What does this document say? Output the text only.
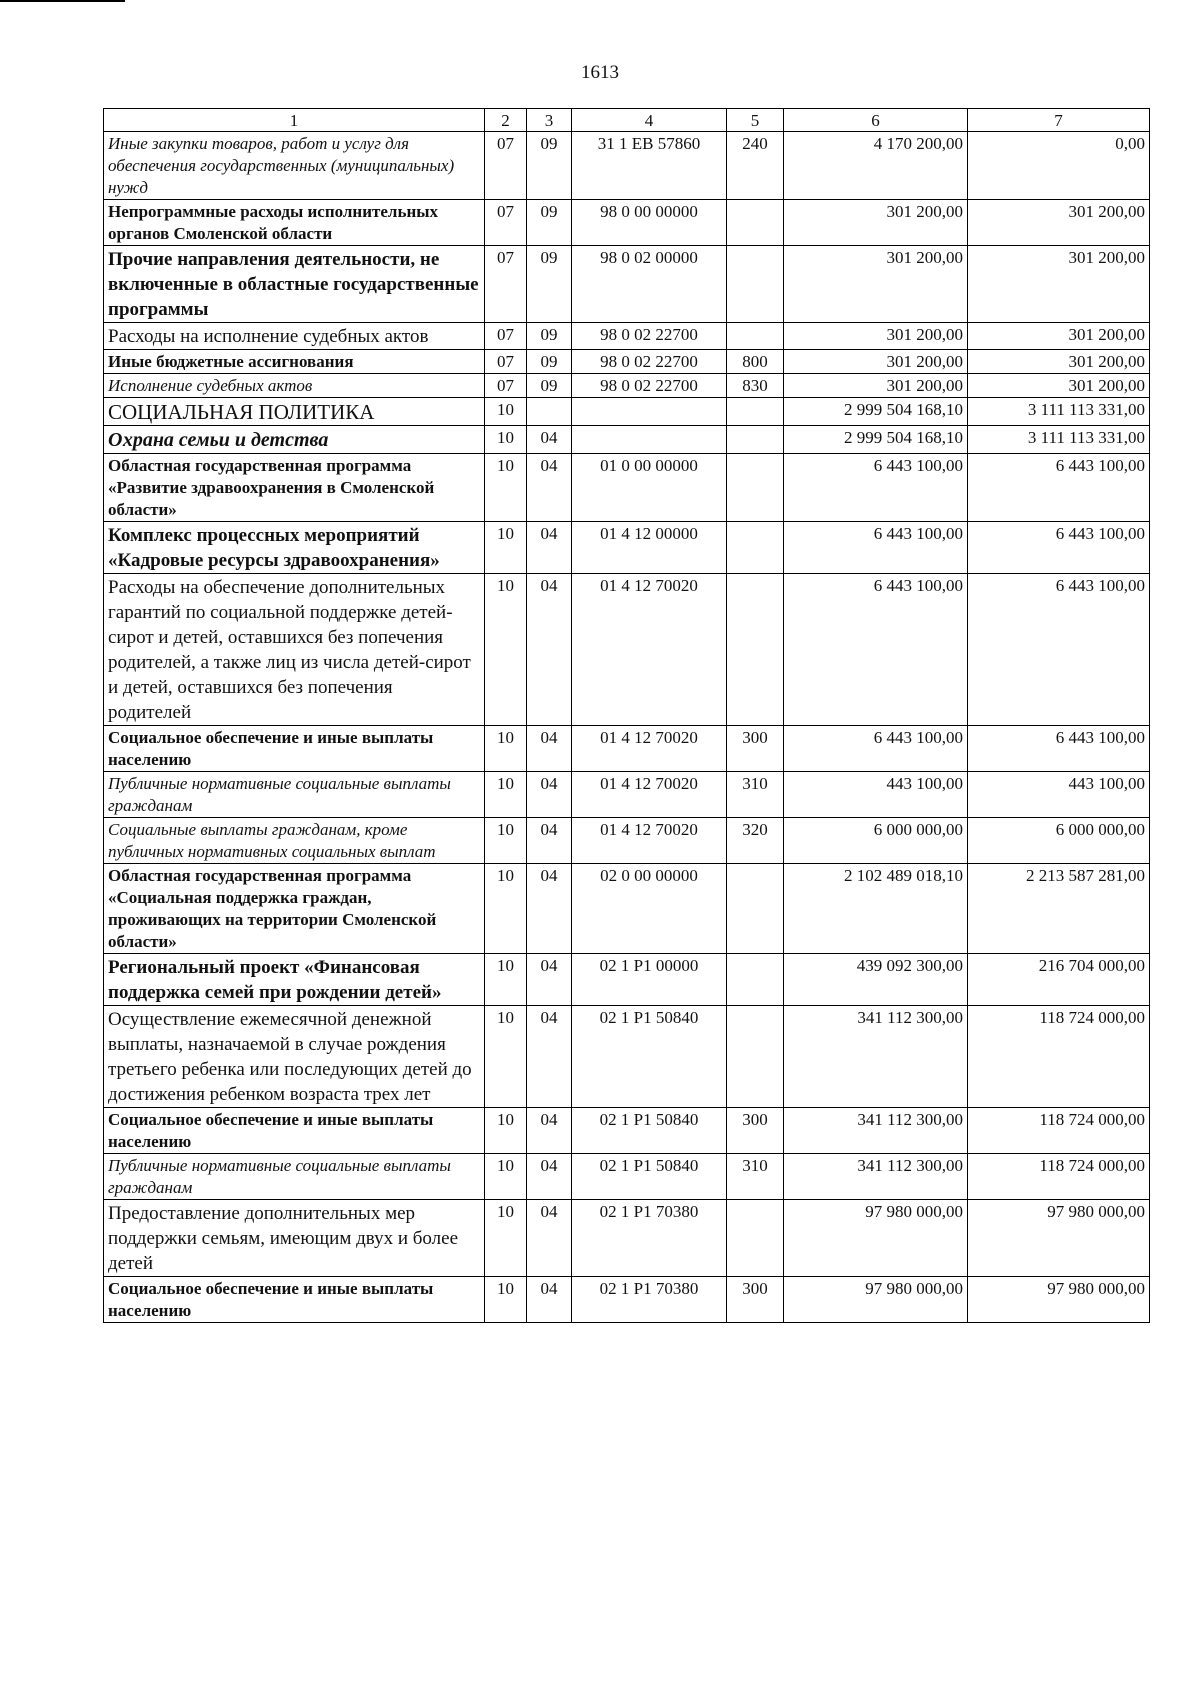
1613
1	2	3	4	5	6	7
Иные закупки товаров, работ и услуг для обеспечения государственных (муниципальных) нужд	07	09	31 1 ЕВ 57860	240	4 170 200,00	0,00
Непрограммные расходы исполнительных органов Смоленской области	07	09	98 0 00 00000		301 200,00	301 200,00
Прочие направления деятельности, не включенные в областные государственные программы	07	09	98 0 02 00000		301 200,00	301 200,00
Расходы на исполнение судебных актов	07	09	98 0 02 22700		301 200,00	301 200,00
Иные бюджетные ассигнования	07	09	98 0 02 22700	800	301 200,00	301 200,00
Исполнение судебных актов	07	09	98 0 02 22700	830	301 200,00	301 200,00
СОЦИАЛЬНАЯ ПОЛИТИКА	10				2 999 504 168,10	3 111 113 331,00
Охрана семьи и детства	10	04			2 999 504 168,10	3 111 113 331,00
Областная государственная программа «Развитие здравоохранения в Смоленской области»	10	04	01 0 00 00000		6 443 100,00	6 443 100,00
Комплекс процессных мероприятий «Кадровые ресурсы здравоохранения»	10	04	01 4 12 00000		6 443 100,00	6 443 100,00
Расходы на обеспечение дополнительных гарантий по социальной поддержке детей-сирот и детей, оставшихся без попечения родителей, а также лиц из числа детей-сирот и детей, оставшихся без попечения родителей	10	04	01 4 12 70020		6 443 100,00	6 443 100,00
Социальное обеспечение и иные выплаты населению	10	04	01 4 12 70020	300	6 443 100,00	6 443 100,00
Публичные нормативные социальные выплаты гражданам	10	04	01 4 12 70020	310	443 100,00	443 100,00
Социальные выплаты гражданам, кроме публичных нормативных социальных выплат	10	04	01 4 12 70020	320	6 000 000,00	6 000 000,00
Областная государственная программа «Социальная поддержка граждан, проживающих на территории Смоленской области»	10	04	02 0 00 00000		2 102 489 018,10	2 213 587 281,00
Региональный проект «Финансовая поддержка семей при рождении детей»	10	04	02 1 Р1 00000		439 092 300,00	216 704 000,00
Осуществление ежемесячной денежной выплаты, назначаемой в случае рождения третьего ребенка или последующих детей до достижения ребенком возраста трех лет	10	04	02 1 Р1 50840		341 112 300,00	118 724 000,00
Социальное обеспечение и иные выплаты населению	10	04	02 1 Р1 50840	300	341 112 300,00	118 724 000,00
Публичные нормативные социальные выплаты гражданам	10	04	02 1 Р1 50840	310	341 112 300,00	118 724 000,00
Предоставление дополнительных мер поддержки семьям, имеющим двух и более детей	10	04	02 1 Р1 70380		97 980 000,00	97 980 000,00
Социальное обеспечение и иные выплаты населению	10	04	02 1 Р1 70380	300	97 980 000,00	97 980 000,00
